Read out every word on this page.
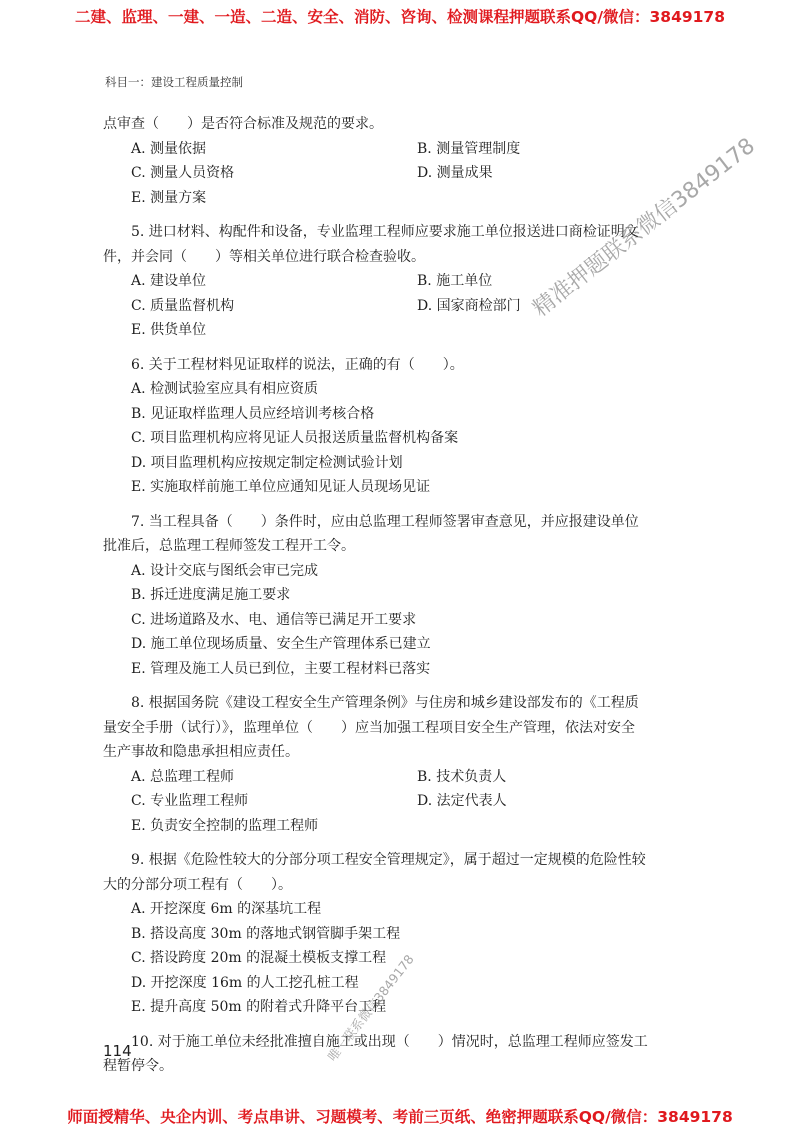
二建、监理、一建、一造、二造、安全、消防、咨询、检测课程押题联系QQ/微信：3849178
科目一：建设工程质量控制

点审查（　　）是否符合标准及规范的要求。

A. 测量依据	B. 测量管理制度
C. 测量人员资格	D. 测量成果
E. 测量方案

5. 进口材料、构配件和设备，专业监理工程师应要求施工单位报送进口商检证明文

件，并会同（　　）等相关单位进行联合检查验收。

A. 建设单位	B. 施工单位
C. 质量监督机构	D. 国家商检部门
E. 供货单位

6. 关于工程材料见证取样的说法，正确的有（　　）。

A. 检测试验室应具有相应资质
B. 见证取样监理人员应经培训考核合格
C. 项目监理机构应将见证人员报送质量监督机构备案
D. 项目监理机构应按规定制定检测试验计划
E. 实施取样前施工单位应通知见证人员现场见证

7. 当工程具备（　　）条件时，应由总监理工程师签署审查意见，并应报建设单位

批准后，总监理工程师签发工程开工令。

A. 设计交底与图纸会审已完成
B. 拆迁进度满足施工要求
C. 进场道路及水、电、通信等已满足开工要求
D. 施工单位现场质量、安全生产管理体系已建立
E. 管理及施工人员已到位，主要工程材料已落实

8. 根据国务院《建设工程安全生产管理条例》与住房和城乡建设部发布的《工程质

量安全手册（试行）》，监理单位（　　）应当加强工程项目安全生产管理，依法对安全

生产事故和隐患承担相应责任。

A. 总监理工程师	B. 技术负责人
C. 专业监理工程师	D. 法定代表人
E. 负责安全控制的监理工程师

9. 根据《危险性较大的分部分项工程安全管理规定》，属于超过一定规模的危险性较

大的分部分项工程有（　　）。

A. 开挖深度 6m 的深基坑工程
B. 搭设高度 30m 的落地式钢管脚手架工程
C. 搭设跨度 20m 的混凝土模板支撑工程
D. 开挖深度 16m 的人工挖孔桩工程
E. 提升高度 50m 的附着式升降平台工程

10. 对于施工单位未经批准擅自施工或出现（　　）情况时，总监理工程师应签发工

程暂停令。

114
精准押题联系微信3849178
唯一联系微信3849178
师面授精华、央企内训、考点串讲、习题模考、考前三页纸、绝密押题联系QQ/微信：3849178
